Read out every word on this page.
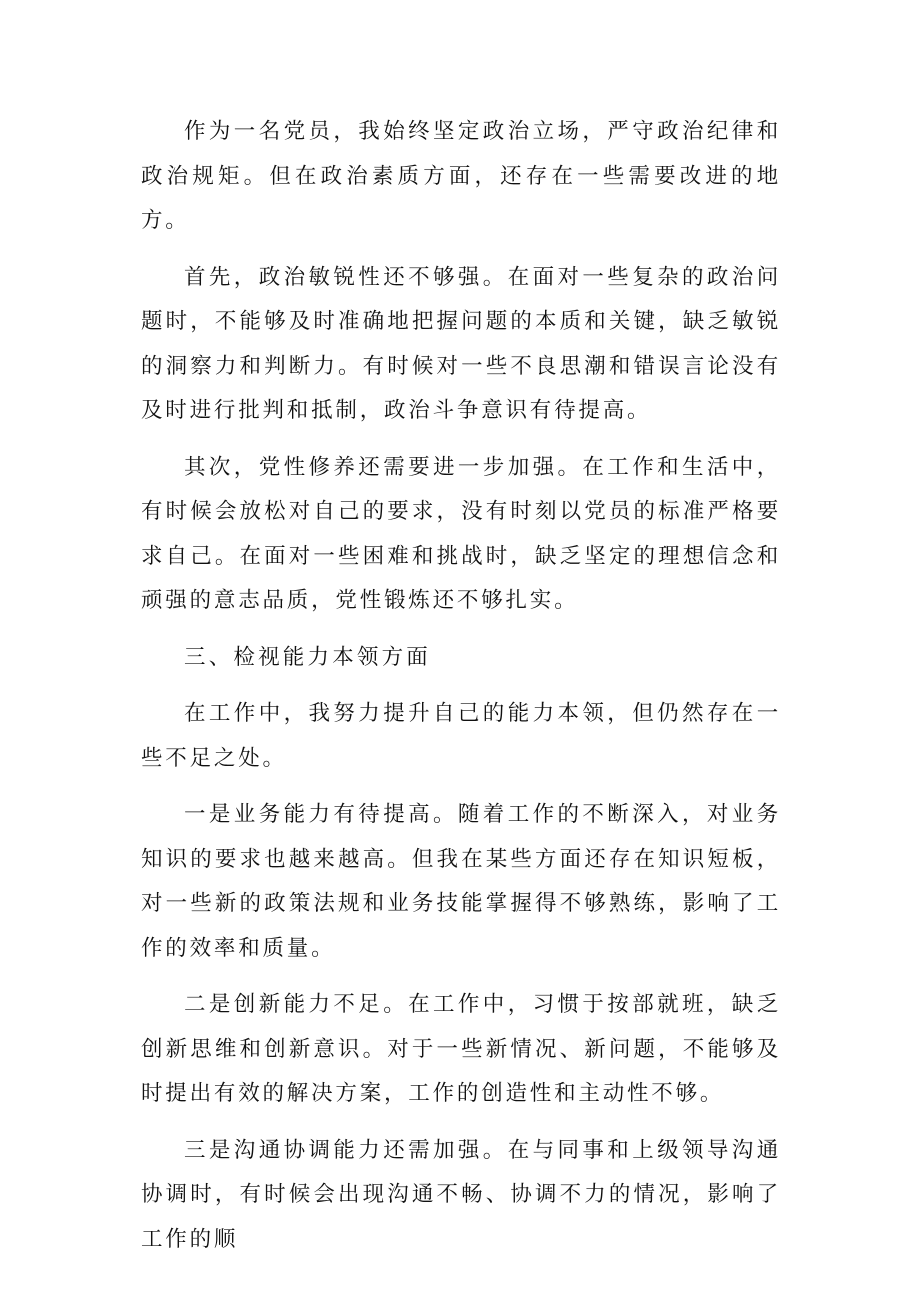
作为一名党员，我始终坚定政治立场，严守政治纪律和政治规矩。但在政治素质方面，还存在一些需要改进的地方。

首先，政治敏锐性还不够强。在面对一些复杂的政治问题时，不能够及时准确地把握问题的本质和关键，缺乏敏锐的洞察力和判断力。有时候对一些不良思潮和错误言论没有及时进行批判和抵制，政治斗争意识有待提高。

其次，党性修养还需要进一步加强。在工作和生活中，有时候会放松对自己的要求，没有时刻以党员的标准严格要求自己。在面对一些困难和挑战时，缺乏坚定的理想信念和顽强的意志品质，党性锻炼还不够扎实。

三、检视能力本领方面

在工作中，我努力提升自己的能力本领，但仍然存在一些不足之处。

一是业务能力有待提高。随着工作的不断深入，对业务知识的要求也越来越高。但我在某些方面还存在知识短板，对一些新的政策法规和业务技能掌握得不够熟练，影响了工作的效率和质量。

二是创新能力不足。在工作中，习惯于按部就班，缺乏创新思维和创新意识。对于一些新情况、新问题，不能够及时提出有效的解决方案，工作的创造性和主动性不够。

三是沟通协调能力还需加强。在与同事和上级领导沟通协调时，有时候会出现沟通不畅、协调不力的情况，影响了工作的顺
